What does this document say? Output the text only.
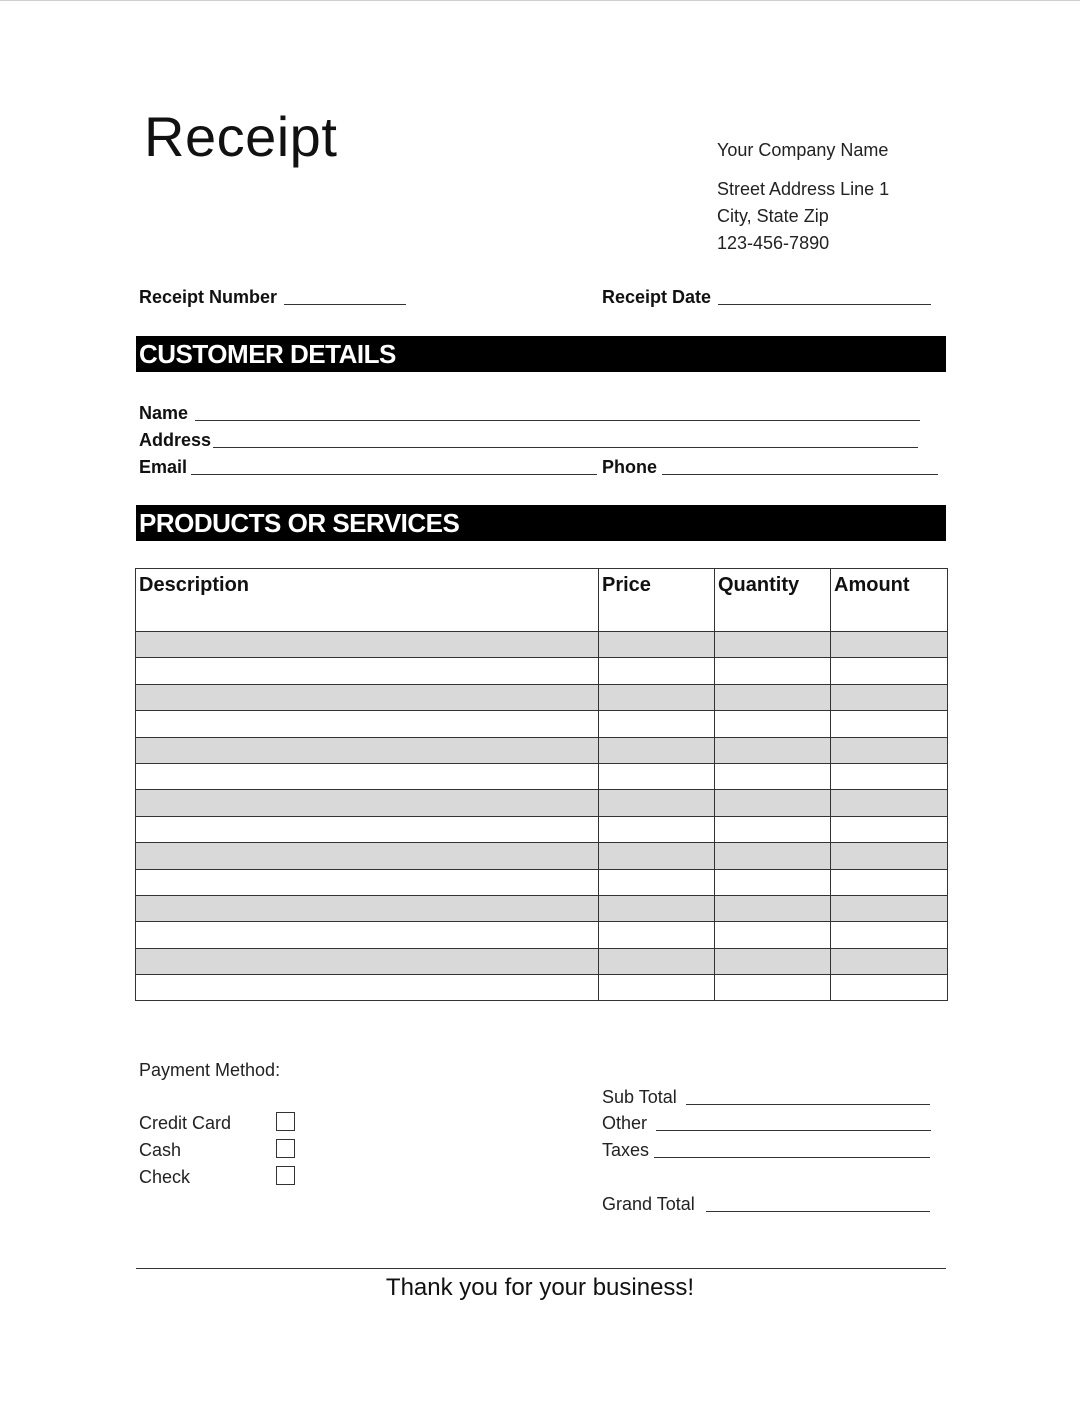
Receipt	Your Company Name
Street Address Line 1
City, State Zip
123-456-7890
Receipt Number	Receipt Date
CUSTOMER DETAILS
Name
Address
Email	Phone
PRODUCTS OR SERVICES
Description	Price	Quantity	Amount

Payment Method:
Credit Card
Cash
Check
Sub Total
Other
Taxes
Grand Total
Thank you for your business!
